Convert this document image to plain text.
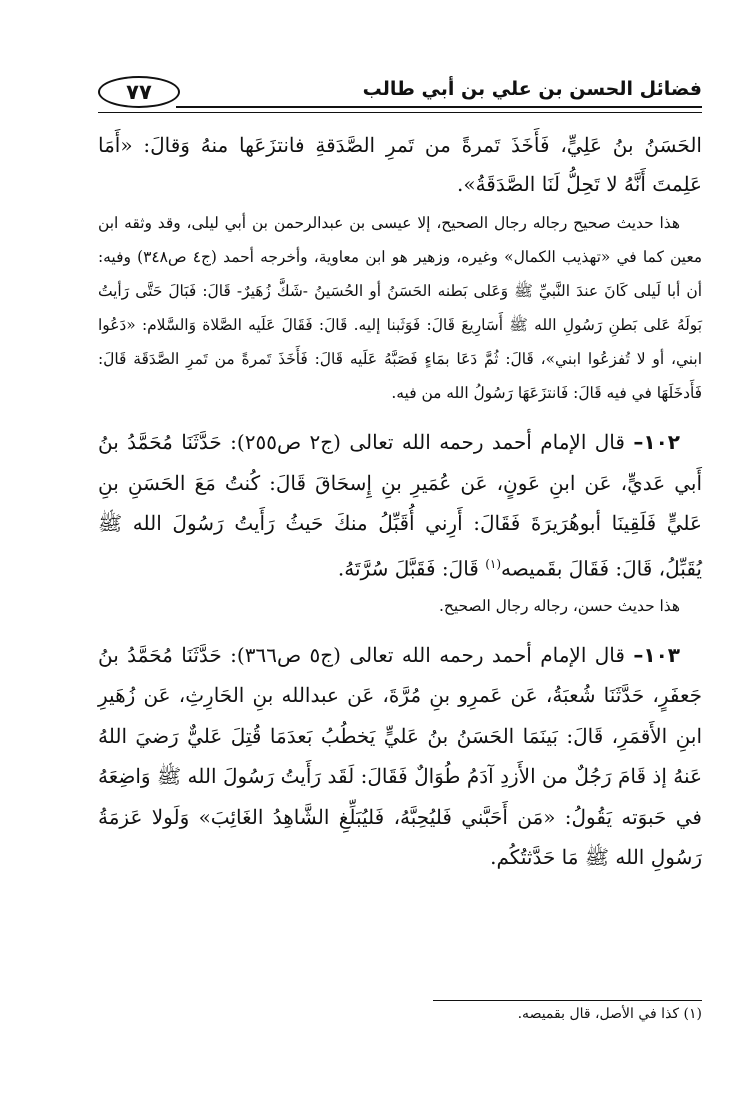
فضائل الحسن بن علي بن أبي طالب
٧٧

الحَسَنُ بنُ عَلِيٍّ، فَأَخَذَ تَمرةً من تَمرِ الصَّدَقةِ فانتزَعَها منهُ وَقالَ: «أَمَا عَلِمتَ أَنَّهُ لا تَحِلُّ لَنَا الصَّدَقَةُ».

هذا حديث صحيح رجاله رجال الصحيح، إلا عيسى بن عبدالرحمن بن أبي ليلى، وقد وثقه ابن معين كما في «تهذيب الكمال» وغيره، وزهير هو ابن معاوية، وأخرجه أحمد (ج٤ ص٣٤٨) وفيه: أن أبا لَيلى كَانَ عندَ النَّبيِّ ﷺ وَعَلى بَطنه الحَسَنُ أو الحُسَينُ -شَكَّ زُهَيرٌ- قَالَ: فَبَالَ حَتَّى رَأيتُ بَولَهُ عَلى بَطنِ رَسُولِ الله ﷺ أَسَارِيعَ قَالَ: فَوَثَبنا إليه. قَالَ: فَقَالَ عَلَيه الصَّلاة وَالسَّلام: «دَعُوا ابني، أو لا تُفزعُوا ابني»، قَالَ: ثُمَّ دَعَا بمَاءٍ فَصَبَّهُ عَلَيه قَالَ: فَأَخَذَ تَمرةً من تَمرِ الصَّدَقَة قَالَ: فَأَدخَلَهَا في فيه قَالَ: فَانتزَعَهَا رَسُولُ الله من فيه.

١٠٢– قال الإمام أحمد رحمه الله تعالى (ج٢ ص٢٥٥): حَدَّثَنَا مُحَمَّدُ بنُ أَبي عَديٍّ، عَن ابنِ عَونٍ، عَن عُمَيرِ بنِ إِسحَاقَ قَالَ: كُنتُ مَعَ الحَسَنِ بنِ عَليٍّ فَلَقِينَا أبوهُرَيرَةَ فَقَالَ: أَرِني أُقَبِّلُ منكَ حَيثُ رَأَيتُ رَسُولَ الله ﷺ يُقَبِّلُ، قَالَ: فَقَالَ بقَميصه$^{(١)}$ قَالَ: فَقَبَّلَ سُرَّتَهُ.

هذا حديث حسن، رجاله رجال الصحيح.

١٠٣– قال الإمام أحمد رحمه الله تعالى (ج٥ ص٣٦٦): حَدَّثَنَا مُحَمَّدُ بنُ جَعفَرٍ، حَدَّثَنَا شُعبَةُ، عَن عَمرِو بنِ مُرَّةَ، عَن عبدالله بنِ الحَارِثِ، عَن زُهَيرِ ابنِ الأَقمَرِ، قَالَ: بَينَمَا الحَسَنُ بنُ عَليٍّ يَخطُبُ بَعدَمَا قُتِلَ عَليٌّ رَضيَ اللهُ عَنهُ إذ قَامَ رَجُلٌ من الأَزدِ آدَمُ طُوَالٌ فَقَالَ: لَقَد رَأَيتُ رَسُولَ الله ﷺ وَاضِعَهُ في حَبوَته يَقُولُ: «مَن أَحَبَّني فَليُحِبَّهُ، فَليُبَلِّغِ الشَّاهِدُ الغَائِبَ» وَلَولا عَزمَةُ رَسُولِ الله ﷺ مَا حَدَّثتُكُم.

(١) كذا في الأصل، قال بقميصه.
